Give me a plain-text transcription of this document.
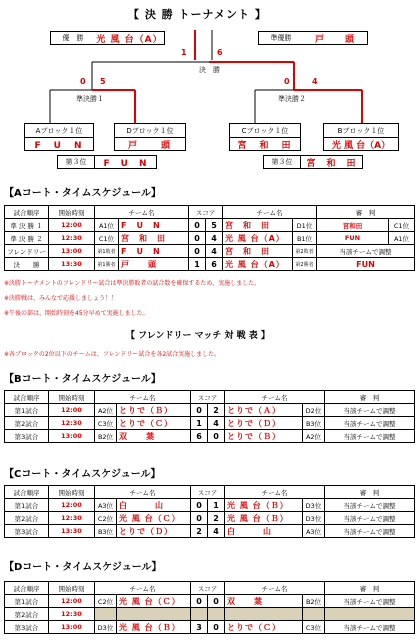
【 決 勝 トーナメント 】
優　勝	光 風 台（A）	準優勝	戸　　頭
1	6
決　勝
0 5	0	4
準決勝１	準決勝２
Aブロック１位
F　U　N
Dブロック１位
戸　　頭
Cブロック１位
宮　和　田
Bブロック１位
光 風 台（A）
第３位	F　U　N	第３位	宮　和　田
【Aコート・タイムスケジュール】
試合順序	開始時刻	チーム名		スコア		チーム名		審　判	
準 決 勝 １	12:00	A1位	F　U　N	0	5	宮　和　田	D1位	宮和田	C1位
準 決 勝 ２	12:30	C1位	宮　和　田	0	4	光 風 台（A）	B1位	FUN	A1位
フレンドリー	13:00	第1敗者	F　U　N	0	4	宮　和　田	第2敗者	当該チームで調整	
決　　勝	13:30	第1勝者	戸　　頭	1	6	光 風 台（A）	第2勝者	FUN	
※決勝トーナメントのフレンドリー試合は準決勝敗者の試合数を確保するため、実施しました。
※決勝戦は、みんなで応援しましょう！！
※午後の部は、開始時刻を45分早めて実施しました。
【 フレンドリー マッチ 対 戦 表 】
※各ブロックの2位以下のチームは、フレンドリー試合を各2試合実施しました。
【Bコート・タイムスケジュール】
試合順序	開始時刻	チーム名		スコア		チーム名		審　判
第1試合	12:00	A2位	とりで（Ｂ）	0	2	とりで（Ａ）	D2位	当該チームで調整
第2試合	12:30	C3位	とりで（Ｃ）	1	4	とりで（Ｄ）	B3位	当該チームで調整
第3試合	13:00	B2位	双　　葉	6	0	とりで（Ｂ）	A2位	当該チームで調整
【Cコート・タイムスケジュール】
試合順序	開始時刻	チーム名		スコア		チーム名		審　判
第1試合	12:00	A3位	白　　　山	0	1	光 風 台（Ｂ）	D3位	当該チームで調整
第2試合	12:30	C2位	光 風 台（Ｃ）	0	2	光 風 台（Ｂ）	D3位	当該チームで調整
第3試合	13:30	B3位	とりで（Ｄ）	2	4	白　　　山	A3位	当該チームで調整
【Dコート・タイムスケジュール】
試合順序	開始時刻	チーム名		スコア		チーム名		審　判
第1試合	12:00	C2位	光 風 台（Ｃ）	0	0	双　　葉	B2位	当該チームで調整
第2試合	12:30							
第3試合	13:00	D3位	光 風 台（Ｂ）	3	0	とりで（Ｃ）	C3位	当該チームで調整
